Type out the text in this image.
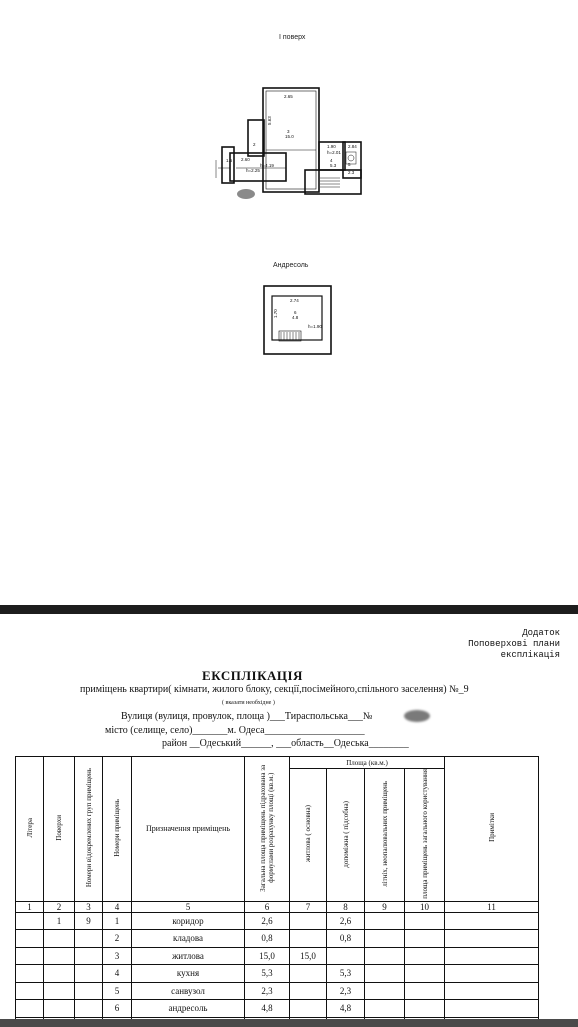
I поверх
2.65
5.63
3
15.0
1.90	2.84
h=2.01
4
5.3
1.5 2.60
h=4.19
h=2.25
5
2.3
2
Андресоль
2.74
1.70	6
4.8
h=1.90
Додаток
Поповерхові плани
експлікація
ЕКСПЛІКАЦІЯ
приміщень квартири( кімнати, жилого блоку, секції,посімейного,спільного заселення) №_9
( вказати необхідне )
Вулиця (вулиця, провулок, площа )___Тираспольська___№
місто (селище, село)_______м. Одеса____________________
район __Одеський______, ___область__Одеська________
Літера	Поверхи	Номери відокремлених груп приміщень	Номери приміщень	Призначення приміщень	Загальна площа приміщень підрахована за формулами розрахунку площі (кв.м.)	Площа (кв.м.)				Примітки
						житлова ( основна)	допоміжна ( підсобна)	літніх, неопалювальних приміщень	площа приміщень загального користування	
1	2	3	4	5	6	7	8	9	10	11
	1	9	1	коридор	2,6		2,6			
			2	кладова	0,8		0,8			
			3	житлова	15,0	15,0				
			4	кухня	5,3		5,3			
			5	санвузол	2,3		2,3			
			6	андресоль	4,8		4,8			
